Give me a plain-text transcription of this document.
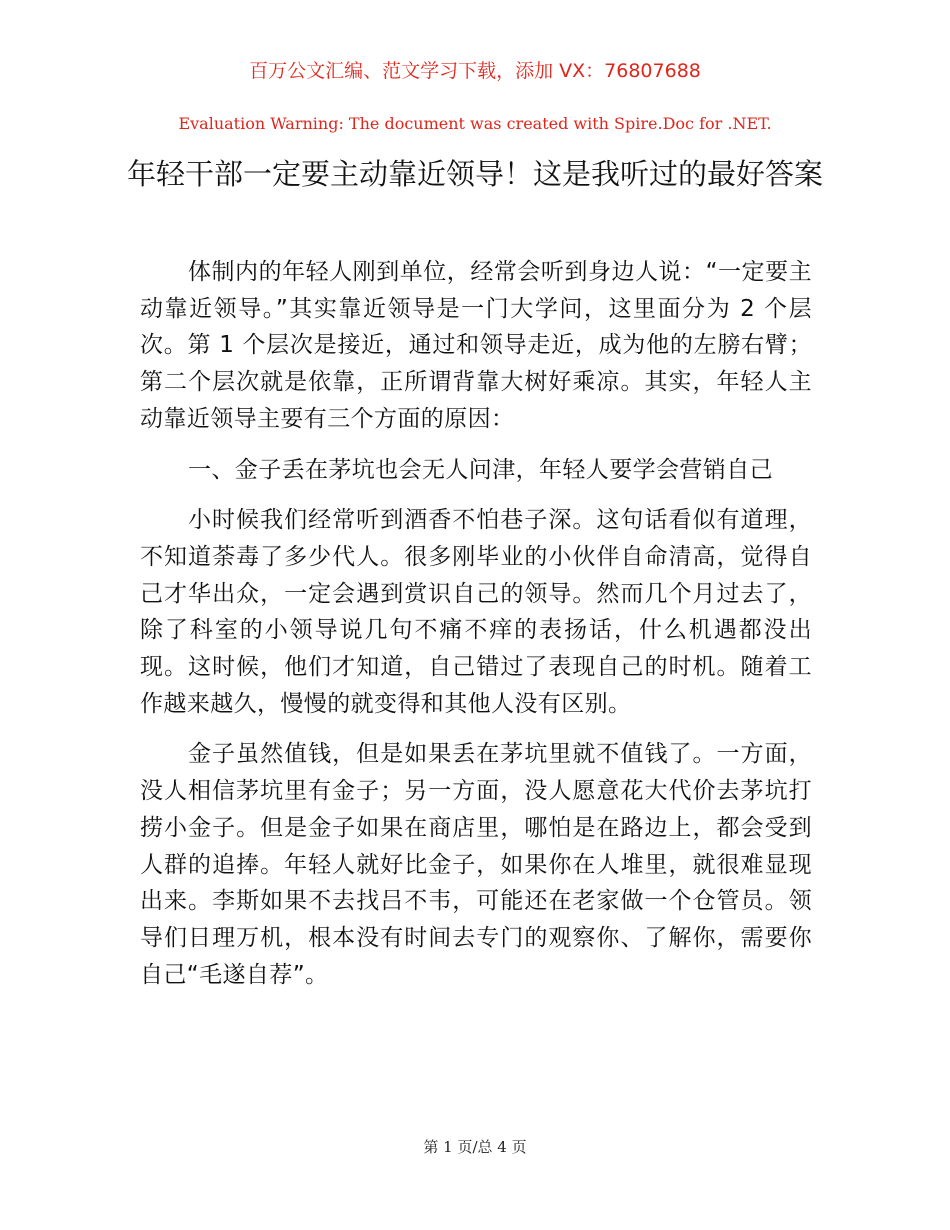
百万公文汇编、范文学习下载，添加 VX：76807688
Evaluation Warning: The document was created with Spire.Doc for .NET.
年轻干部一定要主动靠近领导！这是我听过的最好答案

体制内的年轻人刚到单位，经常会听到身边人说：“一定要主动靠近领导。”其实靠近领导是一门大学问，这里面分为 2 个层次。第 1 个层次是接近，通过和领导走近，成为他的左膀右臂；第二个层次就是依靠，正所谓背靠大树好乘凉。其实，年轻人主动靠近领导主要有三个方面的原因：

一、金子丢在茅坑也会无人问津，年轻人要学会营销自己

小时候我们经常听到酒香不怕巷子深。这句话看似有道理，不知道荼毒了多少代人。很多刚毕业的小伙伴自命清高，觉得自己才华出众，一定会遇到赏识自己的领导。然而几个月过去了，除了科室的小领导说几句不痛不痒的表扬话，什么机遇都没出现。这时候，他们才知道，自己错过了表现自己的时机。随着工作越来越久，慢慢的就变得和其他人没有区别。

金子虽然值钱，但是如果丢在茅坑里就不值钱了。一方面，没人相信茅坑里有金子；另一方面，没人愿意花大代价去茅坑打捞小金子。但是金子如果在商店里，哪怕是在路边上，都会受到人群的追捧。年轻人就好比金子，如果你在人堆里，就很难显现出来。李斯如果不去找吕不韦，可能还在老家做一个仓管员。领导们日理万机，根本没有时间去专门的观察你、了解你，需要你自己“毛遂自荐”。

第 1 页/总 4 页
